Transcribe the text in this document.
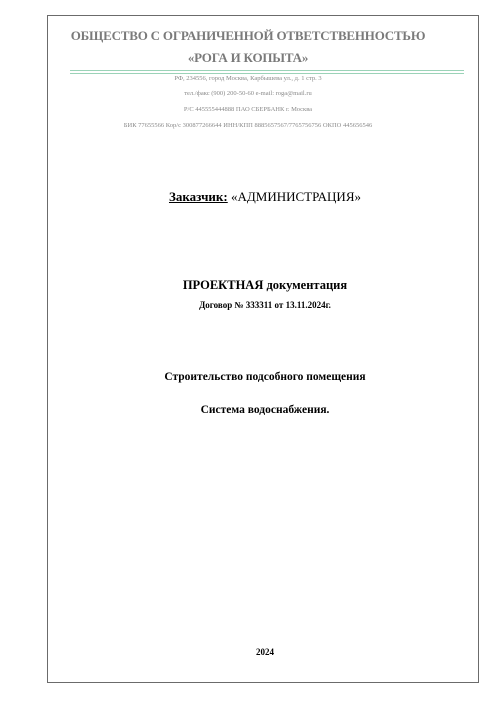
ОБЩЕСТВО С ОГРАНИЧЕННОЙ ОТВЕТСТВЕННОСТЬЮ
«РОГА И КОПЫТА»
РФ, 234556, город Москва, Карбышева ул., д. 1 стр. 3
тел./факс (900) 200-50-60 e-mail: roga@mail.ru
Р/С 445555444888 ПАО СБЕРБАНК г. Москва
БИК 77655566 Кор/с 300877266644 ИНН/КПП 8885657567/7765756756 ОКПО 445656546
Заказчик: «АДМИНИСТРАЦИЯ»
ПРОЕКТНАЯ документация
Договор № 333311 от 13.11.2024г.
Строительство подсобного помещения
Система водоснабжения.
2024
